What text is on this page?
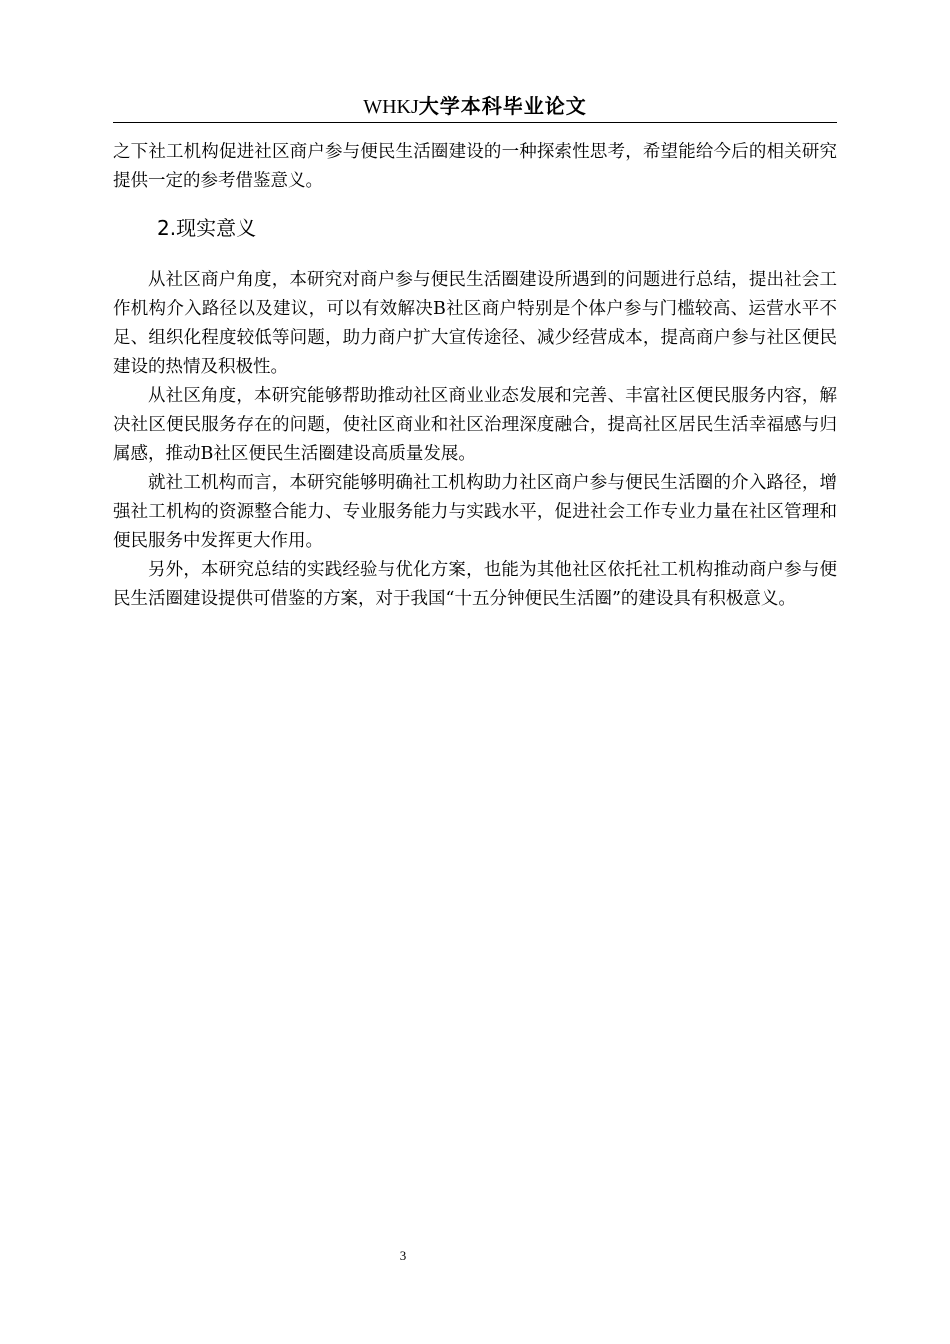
WHKJ大学本科毕业论文

之下社工机构促进社区商户参与便民生活圈建设的一种探索性思考，希望能给今后的相关研究提供一定的参考借鉴意义。

2.现实意义

从社区商户角度，本研究对商户参与便民生活圈建设所遇到的问题进行总结，提出社会工作机构介入路径以及建议，可以有效解决B社区商户特别是个体户参与门槛较高、运营水平不足、组织化程度较低等问题，助力商户扩大宣传途径、减少经营成本，提高商户参与社区便民建设的热情及积极性。

从社区角度，本研究能够帮助推动社区商业业态发展和完善、丰富社区便民服务内容，解决社区便民服务存在的问题，使社区商业和社区治理深度融合，提高社区居民生活幸福感与归属感，推动B社区便民生活圈建设高质量发展。

就社工机构而言，本研究能够明确社工机构助力社区商户参与便民生活圈的介入路径，增强社工机构的资源整合能力、专业服务能力与实践水平，促进社会工作专业力量在社区管理和便民服务中发挥更大作用。

另外，本研究总结的实践经验与优化方案，也能为其他社区依托社工机构推动商户参与便民生活圈建设提供可借鉴的方案，对于我国“十五分钟便民生活圈”的建设具有积极意义。

3
